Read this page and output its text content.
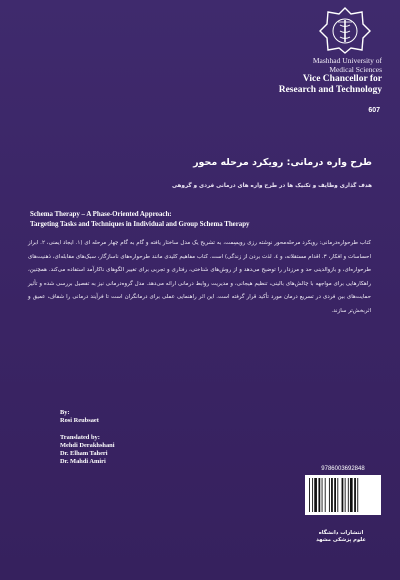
Mashhad University of
Medical Sciences
Vice Chancellor for
Research and Technology
607
طرح واره درمانی: رویکرد مرحله محور
هدف گذاری وظایف و تکنیک ها در طرح واره های درمانی فردی و گروهی
Schema Therapy – A Phase-Oriented Approach:
Targeting Tasks and Techniques in Individual and Group Schema Therapy
کتاب طرحواره‌درمانی: رویکرد مرحله‌محور نوشته رزی رویسِمت، به تشریح یک مدل ساختار یافته و گام به گام چهار مرحله ای (۱. ایجاد ایمنی، ۲. ابراز احساسات و افکار، ۳. اقدام مستقلانه، و ٤. لذت بردن از زندگی) است. کتاب مفاهیم کلیدی مانند طرحواره‌های ناسازگار، سبک‌های مقابله‌ای، ذهنیت‌های طرحواره‌ای، و بازوالدینی حد و مرزدار را توضیح می‌دهد و از روش‌های شناختی، رفتاری و تجربی برای تغییر الگوهای ناکارآمد استفاده می‌کند. همچنین، راهکارهایی برای مواجهه با چالش‌های بالینی، تنظیم هیجانی، و مدیریت روابط درمانی ارائه می‌دهد. مدل گروه‌درمانی نیز به تفصیل بررسی شده و تأثیر حمایت‌های بین فردی در تسریع درمان مورد تأکید قرار گرفته است. این اثر راهنمایی عملی برای درمانگران است تا فرآیند درمانی را شفاف، عمیق و اثربخش‌تر سازند.
By:
Rosi Reubsaet
Translated by:
Mehdi Derakhshani
Dr. Elham Taheri
Dr. Mahdi Amiri
9786003692848
انتشارات دانشگاه
علوم پزشکی مشهد
